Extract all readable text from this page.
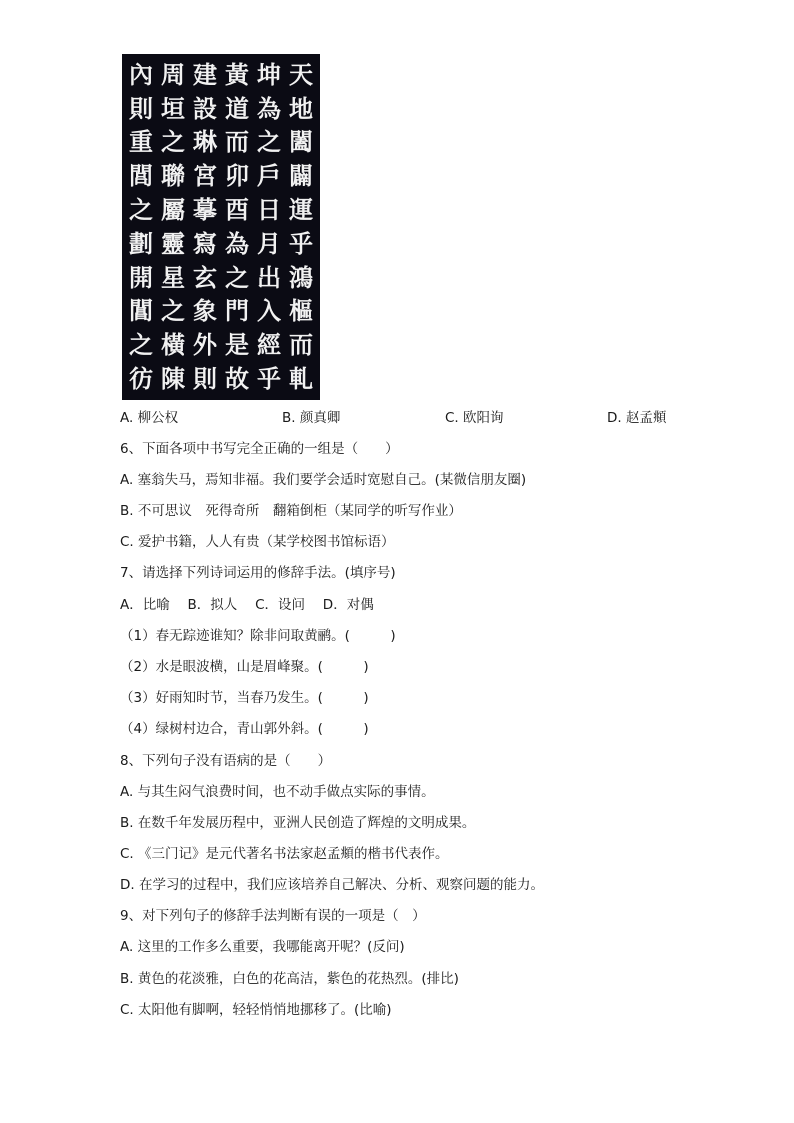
天
地
闔
闢
運
乎
鴻
樞
而
軋
坤
為
之
戶
日
月
出
入
經
乎
黃
道
而
卯
酉
為
之
門
是
故
建
設
琳
宮
摹
寫
玄
象
外
則
周
垣
之
聯
屬
靈
星
之
橫
陳
內
則
重
閭
之
劃
開
閶
之
彷
A. 柳公权	B. 颜真卿	C. 欧阳询	D. 赵孟頫
6、下面各项中书写完全正确的一组是（　　）
A. 塞翁失马，焉知非福。我们要学会适时宽慰自己。(某微信朋友圈)
B. 不可思议　死得奇所　翻箱倒柜（某同学的听写作业）
C. 爱护书籍，人人有贵（某学校图书馆标语）
7、请选择下列诗词运用的修辞手法。(填序号)
A．比喻　 B．拟人　 C．设问　 D．对偶
（1）春无踪迹谁知？除非问取黄鹂。(　　　)
（2）水是眼波横，山是眉峰聚。(　　　)
（3）好雨知时节，当春乃发生。(　　　)
（4）绿树村边合，青山郭外斜。(　　　)
8、下列句子没有语病的是（　　）
A. 与其生闷气浪费时间，也不动手做点实际的事情。
B. 在数千年发展历程中，亚洲人民创造了辉煌的文明成果。
C. 《三门记》是元代著名书法家赵孟頫的楷书代表作。
D. 在学习的过程中，我们应该培养自己解决、分析、观察问题的能力。
9、对下列句子的修辞手法判断有误的一项是（　）
A. 这里的工作多么重要，我哪能离开呢？(反问)
B. 黄色的花淡雅，白色的花高洁，紫色的花热烈。(排比)
C. 太阳他有脚啊，轻轻悄悄地挪移了。(比喻)
